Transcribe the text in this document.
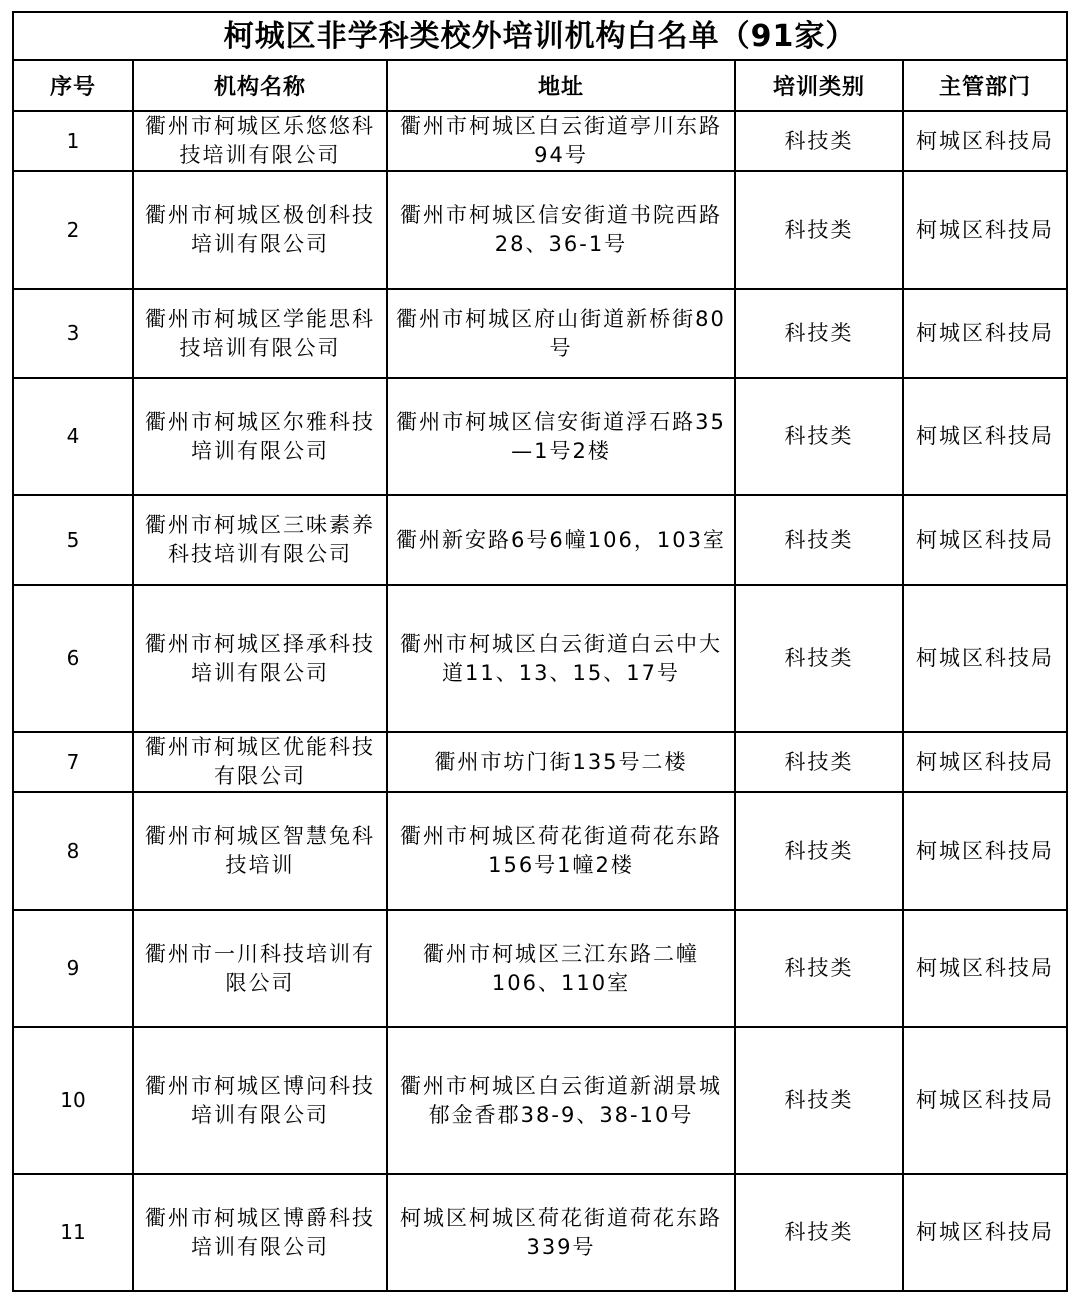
柯城区非学科类校外培训机构白名单（91家）				
序号	机构名称	地址	培训类别	主管部门
1	衢州市柯城区乐悠悠科技培训有限公司	衢州市柯城区白云街道亭川东路94号	科技类	柯城区科技局
2	衢州市柯城区极创科技培训有限公司	衢州市柯城区信安街道书院西路28、36-1号	科技类	柯城区科技局
3	衢州市柯城区学能思科技培训有限公司	衢州市柯城区府山街道新桥街80号	科技类	柯城区科技局
4	衢州市柯城区尔雅科技培训有限公司	衢州市柯城区信安街道浮石路35—1号2楼	科技类	柯城区科技局
5	衢州市柯城区三味素养科技培训有限公司	衢州新安路6号6幢106，103室	科技类	柯城区科技局
6	衢州市柯城区择承科技培训有限公司	衢州市柯城区白云街道白云中大道11、13、15、17号	科技类	柯城区科技局
7	衢州市柯城区优能科技有限公司	衢州市坊门街135号二楼	科技类	柯城区科技局
8	衢州市柯城区智慧兔科技培训	衢州市柯城区荷花街道荷花东路156号1幢2楼	科技类	柯城区科技局
9	衢州市一川科技培训有限公司	衢州市柯城区三江东路二幢106、110室	科技类	柯城区科技局
10	衢州市柯城区博问科技培训有限公司	衢州市柯城区白云街道新湖景城郁金香郡38-9、38-10号	科技类	柯城区科技局
11	衢州市柯城区博爵科技培训有限公司	柯城区柯城区荷花街道荷花东路339号	科技类	柯城区科技局
